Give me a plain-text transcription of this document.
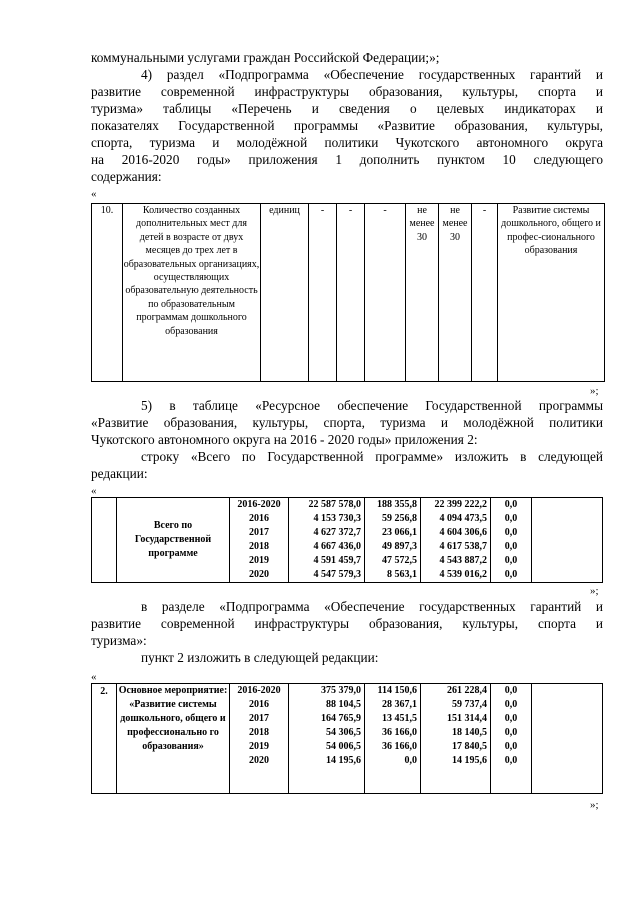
коммунальными услугами граждан Российской Федерации;»;
4) раздел «Подпрограмма «Обеспечение государственных гарантий и
развитие современной инфраструктуры образования, культуры, спорта и
туризма» таблицы «Перечень и сведения о целевых индикаторах и
показателях Государственной программы «Развитие образования, культуры,
спорта, туризма и молодёжной политики Чукотского автономного округа
на 2016-2020 годы» приложения 1 дополнить пунктом 10 следующего
содержания:
«
10.	Количество созданных дополнительных мест для детей в возрасте от двух месяцев до трех лет в образовательных организациях, осуществляющих образовательную деятельность по образовательным программам дошкольного образования	единиц	-	-	-	не менее 30	не менее 30	-	Развитие системы дошкольного, общего и профес-сионального образования
»;
5) в таблице «Ресурсное обеспечение Государственной программы
«Развитие образования, культуры, спорта, туризма и молодёжной политики
Чукотского автономного округа на 2016 - 2020 годы» приложения 2:
строку «Всего по Государственной программе» изложить в следующей
редакции:
«
	Всего по Государственной программе	2016-2020	22 587 578,0	188 355,8	22 399 222,2	0,0	
		2016	4 153 730,3	59 256,8	4 094 473,5	0,0	
		2017	4 627 372,7	23 066,1	4 604 306,6	0,0	
		2018	4 667 436,0	49 897,3	4 617 538,7	0,0	
		2019	4 591 459,7	47 572,5	4 543 887,2	0,0	
		2020	4 547 579,3	8 563,1	4 539 016,2	0,0	
»;
в разделе «Подпрограмма «Обеспечение государственных гарантий и
развитие современной инфраструктуры образования, культуры, спорта и
туризма»:
пункт 2 изложить в следующей редакции:
«
2.	Основное мероприятие: «Развитие системы дошкольного, общего и профессионально го образования»	2016-2020	375 379,0	114 150,6	261 228,4	0,0	
		2016	88 104,5	28 367,1	59 737,4	0,0	
		2017	164 765,9	13 451,5	151 314,4	0,0	
		2018	54 306,5	36 166,0	18 140,5	0,0	
		2019	54 006,5	36 166,0	17 840,5	0,0	
		2020	14 195,6	0,0	14 195,6	0,0	
»;
